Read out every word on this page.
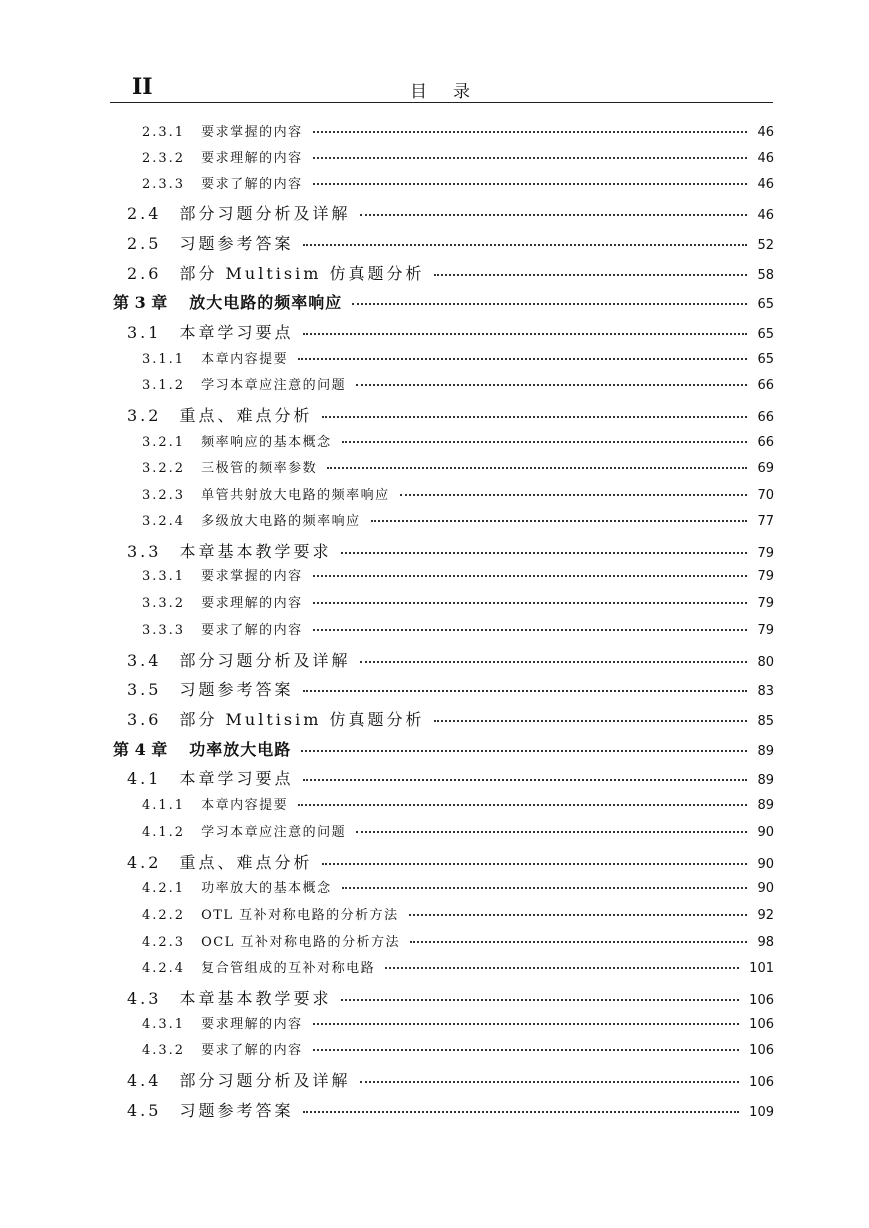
II	目录
2.3.1 要求掌握的内容	46
2.3.2 要求理解的内容	46
2.3.3 要求了解的内容	46
2.4 部分习题分析及详解	46
2.5 习题参考答案	52
2.6 部分 Multisim 仿真题分析	58
第 3 章 放大电路的频率响应	65
3.1 本章学习要点	65
3.1.1 本章内容提要	65
3.1.2 学习本章应注意的问题	66
3.2 重点、难点分析	66
3.2.1 频率响应的基本概念	66
3.2.2 三极管的频率参数	69
3.2.3 单管共射放大电路的频率响应	70
3.2.4 多级放大电路的频率响应	77
3.3 本章基本教学要求	79
3.3.1 要求掌握的内容	79
3.3.2 要求理解的内容	79
3.3.3 要求了解的内容	79
3.4 部分习题分析及详解	80
3.5 习题参考答案	83
3.6 部分 Multisim 仿真题分析	85
第 4 章 功率放大电路	89
4.1 本章学习要点	89
4.1.1 本章内容提要	89
4.1.2 学习本章应注意的问题	90
4.2 重点、难点分析	90
4.2.1 功率放大的基本概念	90
4.2.2 OTL 互补对称电路的分析方法	92
4.2.3 OCL 互补对称电路的分析方法	98
4.2.4 复合管组成的互补对称电路	101
4.3 本章基本教学要求	106
4.3.1 要求理解的内容	106
4.3.2 要求了解的内容	106
4.4 部分习题分析及详解	106
4.5 习题参考答案	109
